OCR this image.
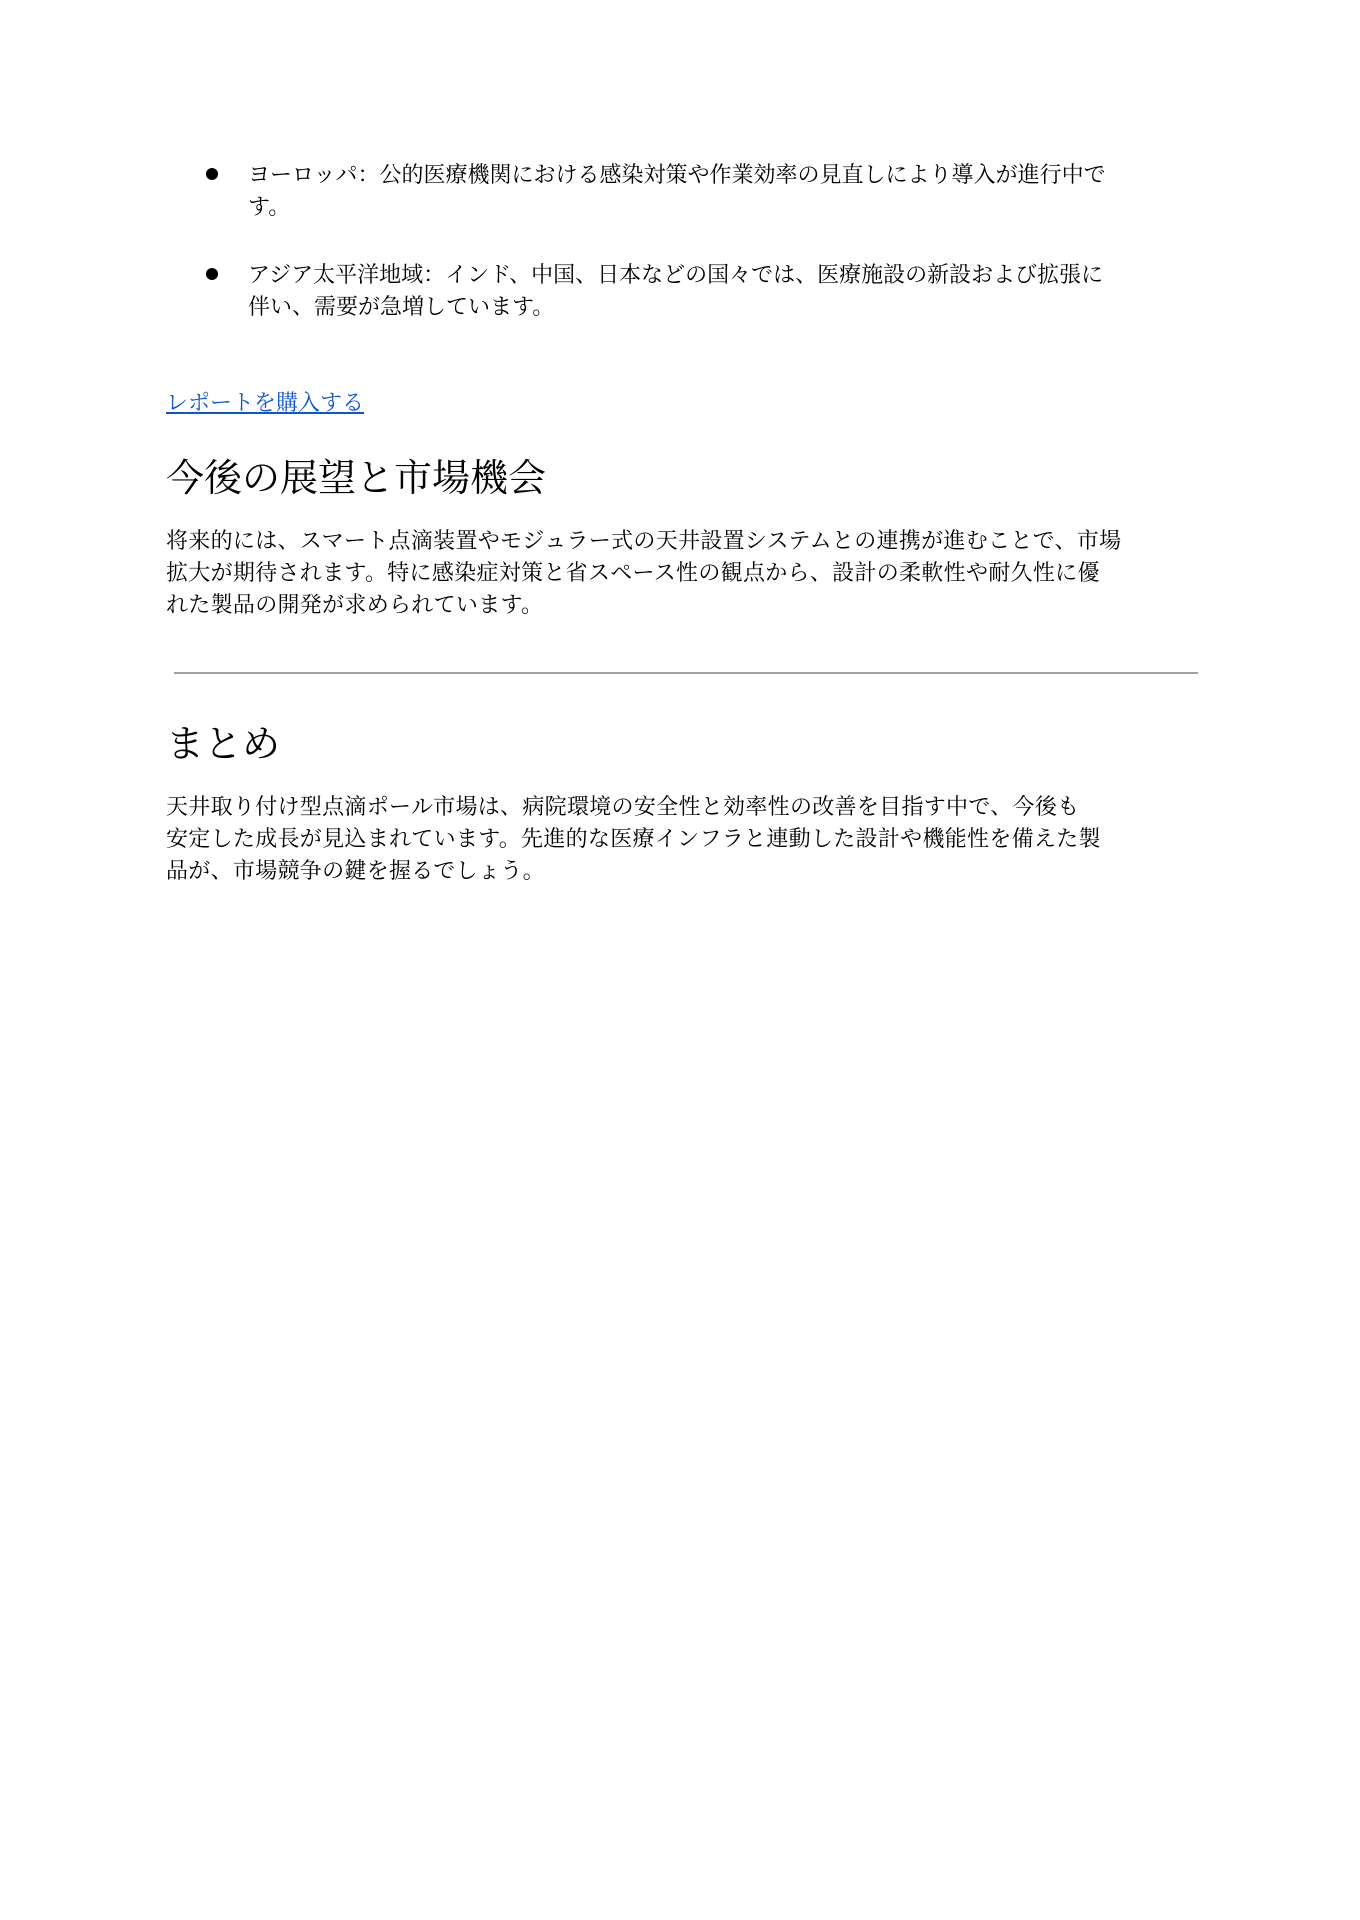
ヨーロッパ：公的医療機関における感染対策や作業効率の見直しにより導入が進行中で
す。
アジア太平洋地域：インド、中国、日本などの国々では、医療施設の新設および拡張に
伴い、需要が急増しています。
レポートを購入する
今後の展望と市場機会

将来的には、スマート点滴装置やモジュラー式の天井設置システムとの連携が進むことで、市場
拡大が期待されます。特に感染症対策と省スペース性の観点から、設計の柔軟性や耐久性に優
れた製品の開発が求められています。

まとめ

天井取り付け型点滴ポール市場は、病院環境の安全性と効率性の改善を目指す中で、今後も
安定した成長が見込まれています。先進的な医療インフラと連動した設計や機能性を備えた製
品が、市場競争の鍵を握るでしょう。
